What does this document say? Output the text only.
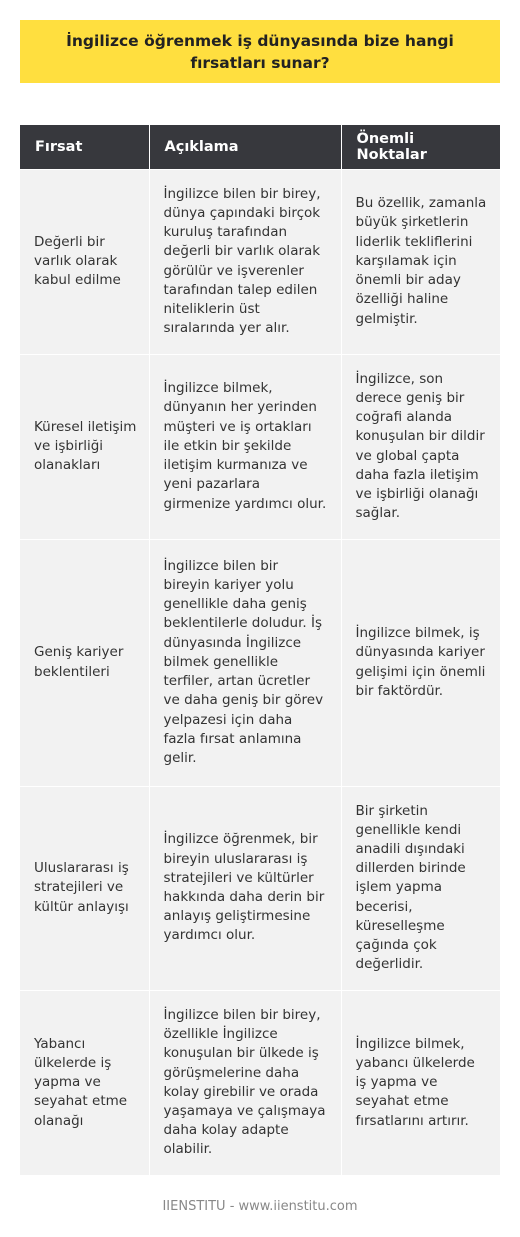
İngilizce öğrenmek iş dünyasında bize hangi fırsatları sunar?
Fırsat	Açıklama	Önemli Noktalar
Değerli bir varlık olarak kabul edilme	İngilizce bilen bir birey, dünya çapındaki birçok kuruluş tarafından değerli bir varlık olarak görülür ve işverenler tarafından talep edilen niteliklerin üst sıralarında yer alır.	Bu özellik, zamanla büyük şirketlerin liderlik tekliflerini karşılamak için önemli bir aday özelliği haline gelmiştir.
Küresel iletişim ve işbirliği olanakları	İngilizce bilmek, dünyanın her yerinden müşteri ve iş ortakları ile etkin bir şekilde iletişim kurmanıza ve yeni pazarlara girmenize yardımcı olur.	İngilizce, son derece geniş bir coğrafi alanda konuşulan bir dildir ve global çapta daha fazla iletişim ve işbirliği olanağı sağlar.
Geniş kariyer beklentileri	İngilizce bilen bir bireyin kariyer yolu genellikle daha geniş beklentilerle doludur. İş dünyasında İngilizce bilmek genellikle terfiler, artan ücretler ve daha geniş bir görev yelpazesi için daha fazla fırsat anlamına gelir.	İngilizce bilmek, iş dünyasında kariyer gelişimi için önemli bir faktördür.
Uluslararası iş stratejileri ve kültür anlayışı	İngilizce öğrenmek, bir bireyin uluslararası iş stratejileri ve kültürler hakkında daha derin bir anlayış geliştirmesine yardımcı olur.	Bir şirketin genellikle kendi anadili dışındaki dillerden birinde işlem yapma becerisi, küreselleşme çağında çok değerlidir.
Yabancı ülkelerde iş yapma ve seyahat etme olanağı	İngilizce bilen bir birey, özellikle İngilizce konuşulan bir ülkede iş görüşmelerine daha kolay girebilir ve orada yaşamaya ve çalışmaya daha kolay adapte olabilir.	İngilizce bilmek, yabancı ülkelerde iş yapma ve seyahat etme fırsatlarını artırır.
IIENSTITU - www.iienstitu.com
